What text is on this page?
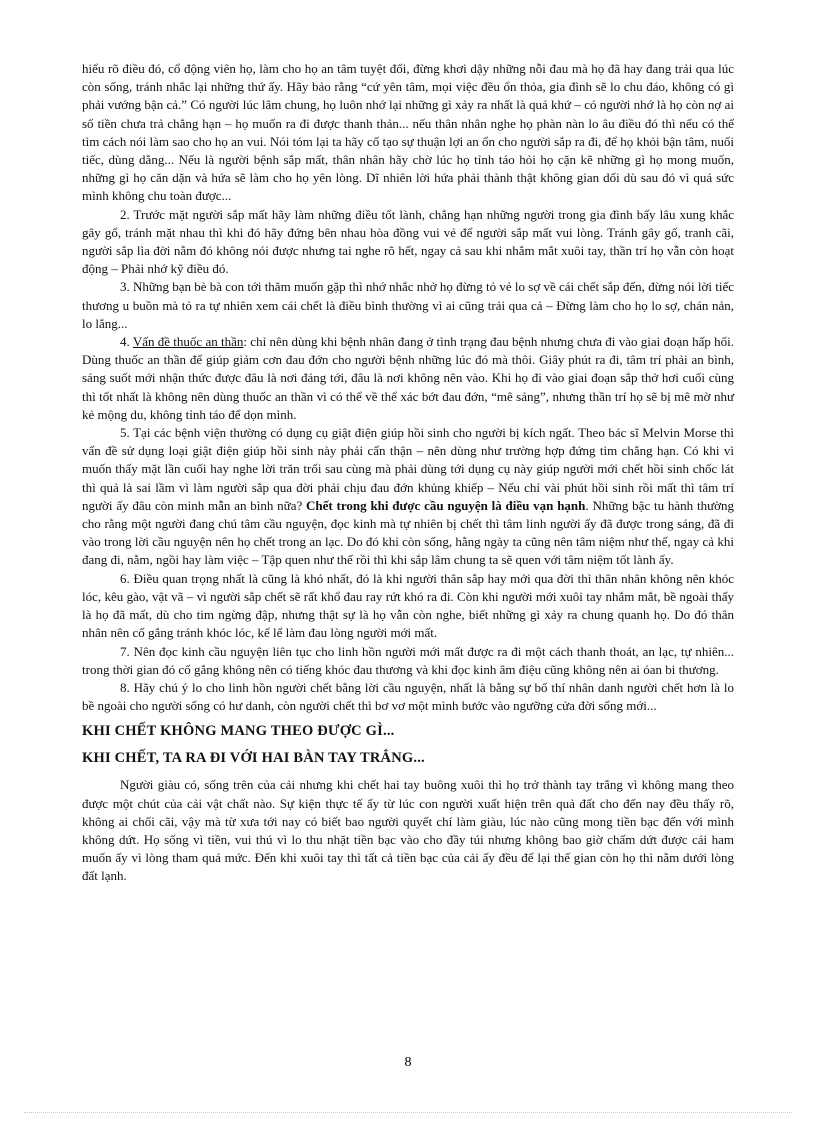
hiểu rõ điều đó, cổ động viên họ, làm cho họ an tâm tuyệt đối, đừng khơi dậy những nỗi đau mà họ đã hay đang trải qua lúc còn sống, tránh nhắc lại những thứ ấy. Hãy bảo rằng “cứ yên tâm, mọi việc đều ổn thỏa, gia đình sẽ lo chu đáo, không có gì phải vướng bận cả.” Có người lúc lâm chung, họ luôn nhớ lại những gì xảy ra nhất là quá khứ – có người nhớ là họ còn nợ ai số tiền chưa trả chẳng hạn – họ muốn ra đi được thanh thản... nếu thân nhân nghe họ phàn nàn lo âu điều đó thì nếu có thể tìm cách nói làm sao cho họ an vui. Nói tóm lại ta hãy cố tạo sự thuận lợi an ổn cho người sắp ra đi, để họ khỏi bận tâm, nuối tiếc, dùng dằng... Nếu là người bệnh sắp mất, thân nhân hãy chờ lúc họ tỉnh táo hỏi họ cặn kẽ những gì họ mong muốn, những gì họ căn dặn và hứa sẽ làm cho họ yên lòng. Dĩ nhiên lời hứa phải thành thật không gian dối dù sau đó vì quá sức mình không chu toàn được...

2. Trước mặt người sắp mất hãy làm những điều tốt lành, chẳng hạn những người trong gia đình bấy lâu xung khắc gây gổ, tránh mặt nhau thì khi đó hãy đứng bên nhau hòa đồng vui vẻ để người sắp mất vui lòng. Tránh gây gổ, tranh cãi, người sắp lìa đời nằm đó không nói được nhưng tai nghe rõ hết, ngay cả sau khi nhắm mắt xuôi tay, thần trí họ vẫn còn hoạt động – Phải nhớ kỹ điều đó.

3. Những bạn bè bà con tới thăm muốn gặp thì nhớ nhắc nhở họ đừng tỏ vẻ lo sợ về cái chết sắp đến, đừng nói lời tiếc thương u buồn mà tỏ ra tự nhiên xem cái chết là điều bình thường vì ai cũng trải qua cả – Đừng làm cho họ lo sợ, chán nản, lo lắng...

4. Vấn đề thuốc an thần: chỉ nên dùng khi bệnh nhân đang ở tình trạng đau bệnh nhưng chưa đi vào giai đoạn hấp hối. Dùng thuốc an thần để giúp giảm cơn đau đớn cho người bệnh những lúc đó mà thôi. Giây phút ra đi, tâm trí phải an bình, sáng suốt mới nhận thức được đâu là nơi đáng tới, đâu là nơi không nên vào. Khi họ đi vào giai đoạn sắp thở hơi cuối cùng thì tốt nhất là không nên dùng thuốc an thần vì có thể về thể xác bớt đau đớn, “mê sảng”, nhưng thần trí họ sẽ bị mê mờ như kẻ mộng du, không tỉnh táo để dọn mình.

5. Tại các bệnh viện thường có dụng cụ giật điện giúp hồi sinh cho người bị kích ngất. Theo bác sĩ Melvin Morse thì vấn đề sử dụng loại giật điện giúp hồi sinh này phải cẩn thận – nên dùng như trường hợp đứng tim chẳng hạn. Có khi vì muốn thấy mặt lần cuối hay nghe lời trăn trối sau cùng mà phải dùng tới dụng cụ này giúp người mới chết hồi sinh chốc lát thì quả là sai lầm vì làm người sắp qua đời phải chịu đau đớn khủng khiếp – Nếu chỉ vài phút hồi sinh rồi mất thì tâm trí người ấy đâu còn minh mẫn an bình nữa? Chết trong khi được cầu nguyện là điều vạn hạnh. Những bậc tu hành thường cho rằng một người đang chú tâm cầu nguyện, đọc kinh mà tự nhiên bị chết thì tâm linh người ấy đã được trong sáng, đã đi vào trong lời cầu nguyện nên họ chết trong an lạc. Do đó khi còn sống, hằng ngày ta cũng nên tâm niệm như thế, ngay cả khi đang đi, nằm, ngồi hay làm việc – Tập quen như thế rồi thì khi sắp lâm chung ta sẽ quen với tâm niệm tốt lành ấy.

6. Điều quan trọng nhất là cũng là khó nhất, đó là khi người thân sắp hay mới qua đời thì thân nhân không nên khóc lóc, kêu gào, vật vã – vì người sắp chết sẽ rất khổ đau ray rứt khó ra đi. Còn khi người mới xuôi tay nhắm mắt, bề ngoài thấy là họ đã mất, dù cho tim ngừng đập, nhưng thật sự là họ vẫn còn nghe, biết những gì xảy ra chung quanh họ. Do đó thân nhân nên cố gắng tránh khóc lóc, kể lể làm đau lòng người mới mất.

7. Nên đọc kinh cầu nguyện liên tục cho linh hồn người mới mất được ra đi một cách thanh thoát, an lạc, tự nhiên... trong thời gian đó cố gắng không nên có tiếng khóc đau thương và khi đọc kinh âm điệu cũng không nên ai óan bi thương.

8. Hãy chú ý lo cho linh hồn người chết bằng lời cầu nguyện, nhất là bằng sự bố thí nhân danh người chết hơn là lo bề ngoài cho người sống có hư danh, còn người chết thì bơ vơ một mình bước vào ngưỡng cửa đời sống mới...

KHI CHẾT KHÔNG MANG THEO ĐƯỢC GÌ...
KHI CHẾT, TA RA ĐI VỚI HAI BÀN TAY TRẮNG...

Người giàu có, sống trên của cải nhưng khi chết hai tay buông xuôi thì họ trở thành tay trắng vì không mang theo được một chút của cải vật chất nào. Sự kiện thực tế ấy từ lúc con người xuất hiện trên quả đất cho đến nay đều thấy rõ, không ai chối cãi, vậy mà từ xưa tới nay có biết bao người quyết chí làm giàu, lúc nào cũng mong tiền bạc đến với mình không dứt. Họ sống vì tiền, vui thú vì lo thu nhặt tiền bạc vào cho đầy túi nhưng không bao giờ chấm dứt được cái ham muốn ấy vì lòng tham quá mức. Đến khi xuôi tay thì tất cả tiền bạc của cải ấy đều để lại thế gian còn họ thì nằm dưới lòng đất lạnh.

8
